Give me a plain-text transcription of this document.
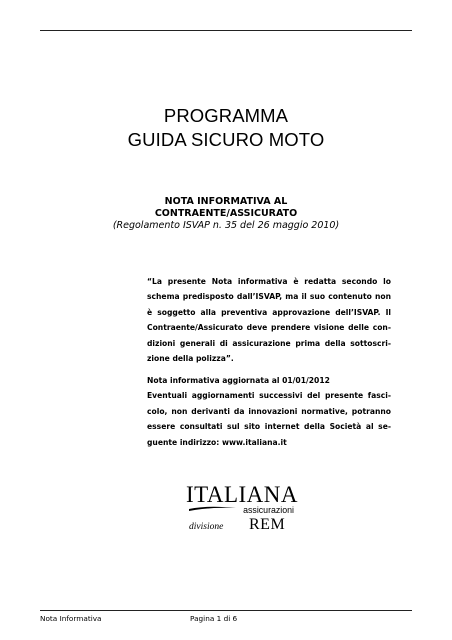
PROGRAMMA
GUIDA SICURO MOTO
NOTA INFORMATIVA AL
CONTRAENTE/ASSICURATO
(Regolamento ISVAP n. 35 del 26 maggio 2010)
“La presente Nota informativa è redatta secondo lo
schema predisposto dall’ISVAP, ma il suo contenuto non
è soggetto alla preventiva approvazione dell’ISVAP. Il
Contraente/Assicurato deve prendere visione delle con-
dizioni generali di assicurazione prima della sottoscri-
zione della polizza”.
Nota informativa aggiornata al 01/01/2012
Eventuali aggiornamenti successivi del presente fasci-
colo, non derivanti da innovazioni normative, potranno
essere consultati sul sito internet della Società al se-
guente indirizzo: www.italiana.it
ITALIANA
assicurazioni
divisione REM
Nota Informativa	Pagina 1 di 6
